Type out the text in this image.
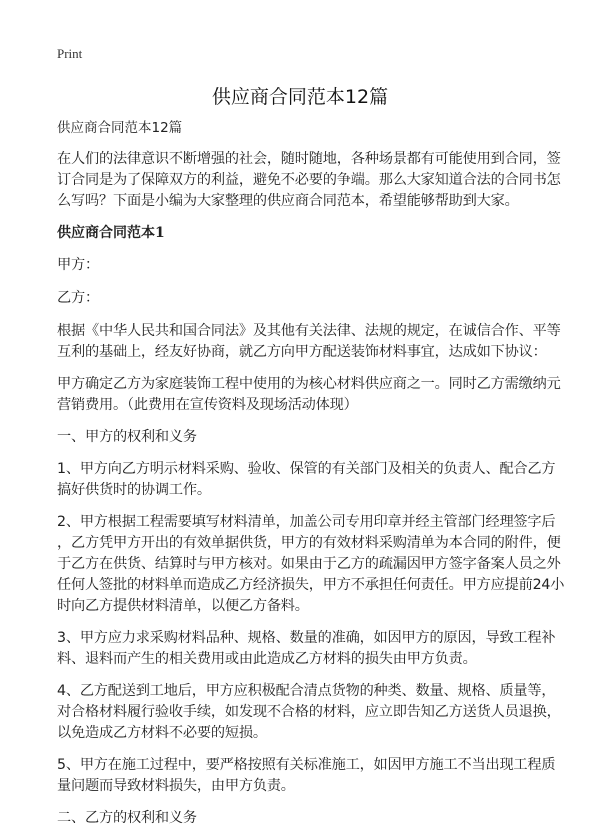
Print
供应商合同范本12篇
供应商合同范本12篇
在人们的法律意识不断增强的社会，随时随地，各种场景都有可能使用到合同，签
订合同是为了保障双方的利益，避免不必要的争端。那么大家知道合法的合同书怎
么写吗？下面是小编为大家整理的供应商合同范本，希望能够帮助到大家。
供应商合同范本1
甲方：
乙方：
根据《中华人民共和国合同法》及其他有关法律、法规的规定，在诚信合作、平等
互利的基础上，经友好协商，就乙方向甲方配送装饰材料事宜，达成如下协议：
甲方确定乙方为家庭装饰工程中使用的为核心材料供应商之一。同时乙方需缴纳元
营销费用。（此费用在宣传资料及现场活动体现）
一、甲方的权利和义务
1、甲方向乙方明示材料采购、验收、保管的有关部门及相关的负责人、配合乙方
搞好供货时的协调工作。
2、甲方根据工程需要填写材料清单，加盖公司专用印章并经主管部门经理签字后
，乙方凭甲方开出的有效单据供货，甲方的有效材料采购清单为本合同的附件，便
于乙方在供货、结算时与甲方核对。如果由于乙方的疏漏因甲方签字备案人员之外
任何人签批的材料单而造成乙方经济损失，甲方不承担任何责任。甲方应提前24小
时向乙方提供材料清单，以便乙方备料。
3、甲方应力求采购材料品种、规格、数量的准确，如因甲方的原因，导致工程补
料、退料而产生的相关费用或由此造成乙方材料的损失由甲方负责。
4、乙方配送到工地后，甲方应积极配合清点货物的种类、数量、规格、质量等，
对合格材料履行验收手续，如发现不合格的材料，应立即告知乙方送货人员退换，
以免造成乙方材料不必要的短损。
5、甲方在施工过程中，要严格按照有关标准施工，如因甲方施工不当出现工程质
量问题而导致材料损失，由甲方负责。
二、乙方的权利和义务
